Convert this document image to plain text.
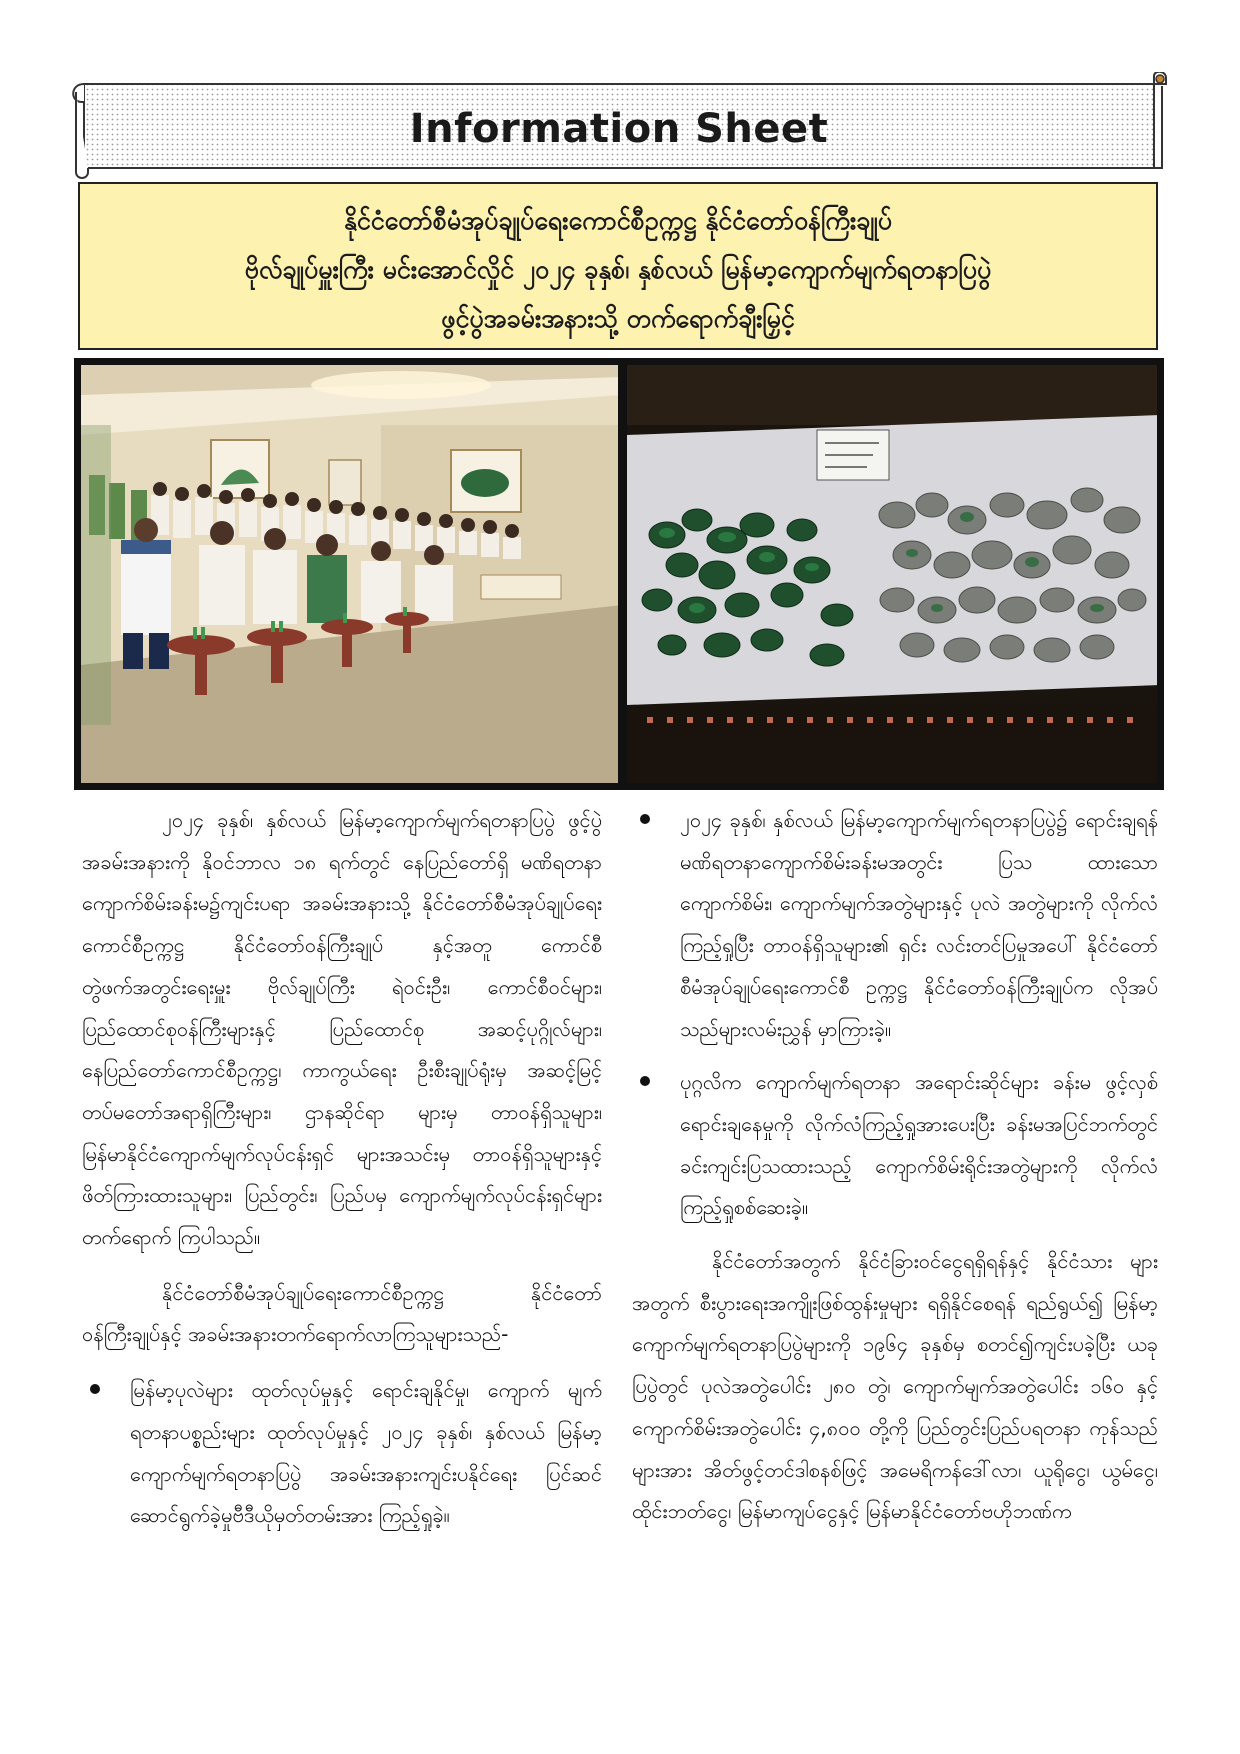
Information Sheet
နိုင်ငံတော်စီမံအုပ်ချုပ်ရေးကောင်စီဥက္ကဋ္ဌ နိုင်ငံတော်ဝန်ကြီးချုပ်
ဗိုလ်ချုပ်မှူးကြီး မင်းအောင်လှိုင် ၂၀၂၄ ခုနှစ်၊ နှစ်လယ် မြန်မာ့ကျောက်မျက်ရတနာပြပွဲ
ဖွင့်ပွဲအခမ်းအနားသို့ တက်ရောက်ချီးမြှင့်

၂၀၂၄ ခုနှစ်၊ နှစ်လယ် မြန်မာ့ကျောက်မျက်ရတနာပြပွဲ ဖွင့်ပွဲအခမ်းအနားကို နိုဝင်ဘာလ ၁၈ ရက်တွင် နေပြည်တော်ရှိ မဏိရတနာကျောက်စိမ်းခန်းမ၌ကျင်းပရာ အခမ်းအနားသို့ နိုင်ငံတော်စီမံအုပ်ချုပ်ရေးကောင်စီဥက္ကဋ္ဌ နိုင်ငံတော်ဝန်ကြီးချုပ် နှင့်အတူ ကောင်စီတွဲဖက်အတွင်းရေးမှူး ဗိုလ်ချုပ်ကြီး ရဲဝင်းဦး၊ ကောင်စီဝင်များ၊ ပြည်ထောင်စုဝန်ကြီးများနှင့် ပြည်ထောင်စု အဆင့်ပုဂ္ဂိုလ်များ၊ နေပြည်တော်ကောင်စီဥက္ကဋ္ဌ၊ ကာကွယ်ရေး ဦးစီးချုပ်ရုံးမှ အဆင့်မြင့်တပ်မတော်အရာရှိကြီးများ၊ ဌာနဆိုင်ရာ များမှ တာဝန်ရှိသူများ၊ မြန်မာနိုင်ငံကျောက်မျက်လုပ်ငန်းရှင် များအသင်းမှ တာဝန်ရှိသူများနှင့် ဖိတ်ကြားထားသူများ၊ ပြည်တွင်း၊ ပြည်ပမှ ကျောက်မျက်လုပ်ငန်းရှင်များတက်ရောက် ကြပါသည်။

နိုင်ငံတော်စီမံအုပ်ချုပ်ရေးကောင်စီဥက္ကဋ္ဌ နိုင်ငံတော် ဝန်ကြီးချုပ်နှင့် အခမ်းအနားတက်ရောက်လာကြသူများသည်-

မြန်မာ့ပုလဲများ ထုတ်လုပ်မှုနှင့် ရောင်းချနိုင်မှု၊ ကျောက် မျက်ရတနာပစ္စည်းများ ထုတ်လုပ်မှုနှင့် ၂၀၂၄ ခုနှစ်၊ နှစ်လယ် မြန်မာ့ကျောက်မျက်ရတနာပြပွဲ အခမ်းအနားကျင်းပနိုင်ရေး ပြင်ဆင်ဆောင်ရွက်ခဲ့မှုဗီဒီယိုမှတ်တမ်းအား ကြည့်ရှုခဲ့။
၂၀၂၄ ခုနှစ်၊ နှစ်လယ် မြန်မာ့ကျောက်မျက်ရတနာပြပွဲ၌ ရောင်းချရန် မဏိရတနာကျောက်စိမ်းခန်းမအတွင်း ပြသ ထားသော ကျောက်စိမ်း၊ ကျောက်မျက်အတွဲများနှင့် ပုလဲ အတွဲများကို လိုက်လံကြည့်ရှုပြီး တာဝန်ရှိသူများ၏ ရှင်း လင်းတင်ပြမှုအပေါ် နိုင်ငံတော်စီမံအုပ်ချုပ်ရေးကောင်စီ ဥက္ကဋ္ဌ နိုင်ငံတော်ဝန်ကြီးချုပ်က လိုအပ်သည်များလမ်းညွှန် မှာကြားခဲ့။
ပုဂ္ဂလိက ကျောက်မျက်ရတနာ အရောင်းဆိုင်များ ခန်းမ ဖွင့်လှစ်ရောင်းချနေမှုကို လိုက်လံကြည့်ရှုအားပေးပြီး ခန်းမအပြင်ဘက်တွင် ခင်းကျင်းပြသထားသည့် ကျောက်စိမ်းရိုင်းအတွဲများကို လိုက်လံကြည့်ရှုစစ်ဆေးခဲ့။

နိုင်ငံတော်အတွက် နိုင်ငံခြားဝင်ငွေရရှိရန်နှင့် နိုင်ငံသား များအတွက် စီးပွားရေးအကျိုးဖြစ်ထွန်းမှုများ ရရှိနိုင်စေရန် ရည်ရွယ်၍ မြန်မာ့ကျောက်မျက်ရတနာပြပွဲများကို ၁၉၆၄ ခုနှစ်မှ စတင်၍ကျင်းပခဲ့ပြီး ယခုပြပွဲတွင် ပုလဲအတွဲပေါင်း ၂၈၀ တွဲ၊ ကျောက်မျက်အတွဲပေါင်း ၁၆၀ နှင့် ကျောက်စိမ်းအတွဲပေါင်း ၄,၈၀၀ တို့ကို ပြည်တွင်းပြည်ပရတနာ ကုန်သည်များအား အိတ်ဖွင့်တင်ဒါစနစ်ဖြင့် အမေရိကန်ဒေါ်လာ၊ ယူရိုငွေ၊ ယွမ်ငွေ၊ ထိုင်းဘတ်ငွေ၊ မြန်မာကျပ်ငွေနှင့် မြန်မာနိုင်ငံတော်ဗဟိုဘဏ်က
